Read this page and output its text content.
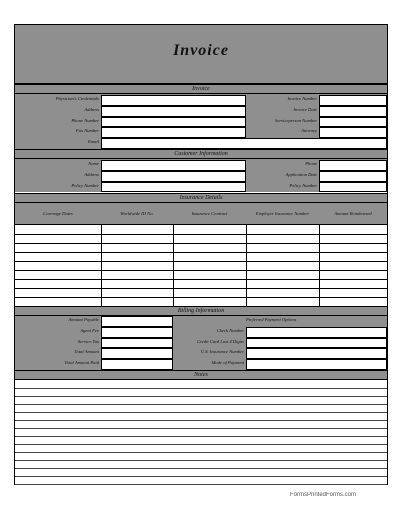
Invoice
Invoice
Customer Information
Insurance Details
Billing Information
Notes
Physician's Credentials	Invoice Number
Address	Invoice Date
Phone Number	Serviceperson Number
Fax Number	Attorney
Email
Name	Phone
Address	Application Date
Policy Number	Policy Number
Coverage Dates	Worldwide ID No.	Insurance Contract	Employer Insurance Number	Amount Reimbursed
Preferred Payment Options
Amount Payable
Agent Fee	Check Number
Service Tax	Credit Card Last 4 Digits
Total Amount	U.S. Insurance Number
Total Amount Paid	Mode of Payment
FormsPrintedForms.com
